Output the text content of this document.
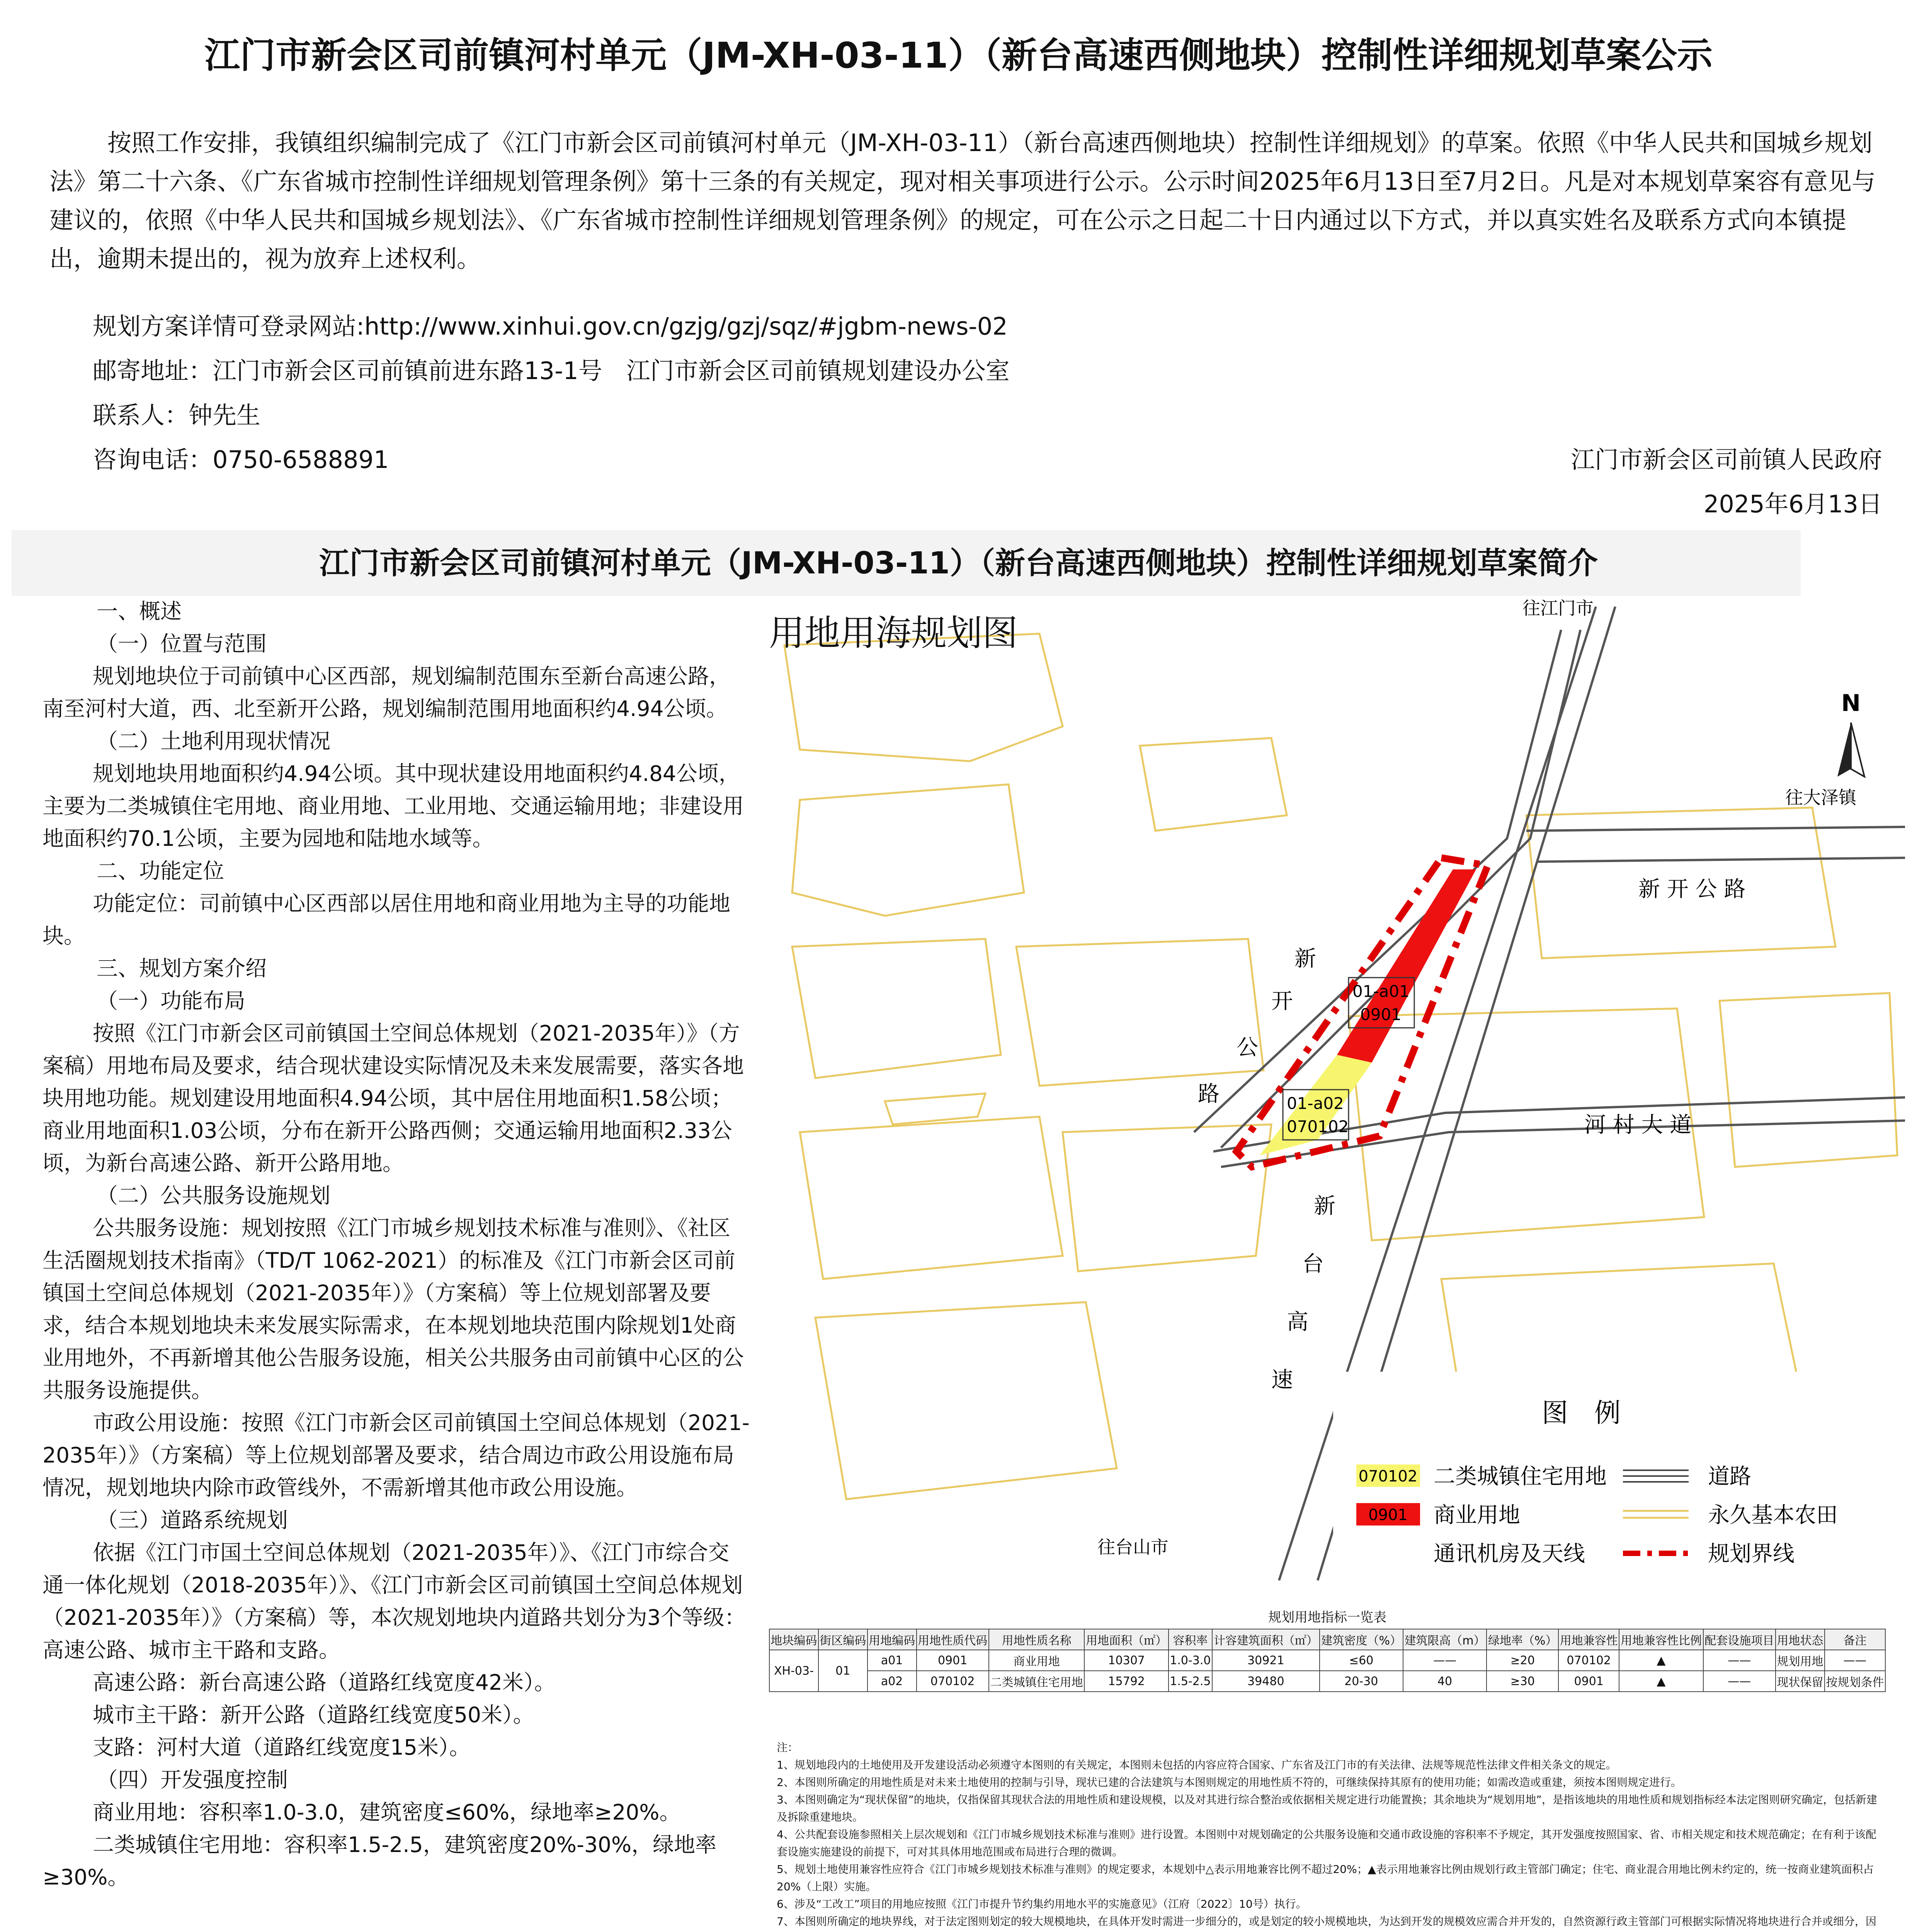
江门市新会区司前镇河村单元（JM-XH-03-11）（新台高速西侧地块）控制性详细规划草案公示
按照工作安排，我镇组织编制完成了《江门市新会区司前镇河村单元（JM-XH-03-11）（新台高速西侧地块）控制性详细规划》的草案。依照《中华人民共和国城乡规划法》第二十六条、《广东省城市控制性详细规划管理条例》第十三条的有关规定，现对相关事项进行公示。公示时间2025年6月13日至7月2日。凡是对本规划草案容有意见与建议的，依照《中华人民共和国城乡规划法》、《广东省城市控制性详细规划管理条例》的规定，可在公示之日起二十日内通过以下方式，并以真实姓名及联系方式向本镇提出，逾期未提出的，视为放弃上述权利。
规划方案详情可登录网站:http://www.xinhui.gov.cn/gzjg/gzj/sqz/#jgbm-news-02
邮寄地址：江门市新会区司前镇前进东路13-1号　江门市新会区司前镇规划建设办公室
联系人：钟先生
咨询电话：0750-6588891	江门市新会区司前镇人民政府
2025年6月13日
江门市新会区司前镇河村单元（JM-XH-03-11）（新台高速西侧地块）控制性详细规划草案简介

一、概述

（一）位置与范围

规划地块位于司前镇中心区西部，规划编制范围东至新台高速公路，南至河村大道，西、北至新开公路，规划编制范围用地面积约4.94公顷。

（二）土地利用现状情况

规划地块用地面积约4.94公顷。其中现状建设用地面积约4.84公顷，主要为二类城镇住宅用地、商业用地、工业用地、交通运输用地；非建设用地面积约70.1公顷，主要为园地和陆地水域等。

二、功能定位

功能定位：司前镇中心区西部以居住用地和商业用地为主导的功能地块。

三、规划方案介绍

（一）功能布局

按照《江门市新会区司前镇国土空间总体规划（2021-2035年）》（方案稿）用地布局及要求，结合现状建设实际情况及未来发展需要，落实各地块用地功能。规划建设用地面积4.94公顷，其中居住用地面积1.58公顷；商业用地面积1.03公顷，分布在新开公路西侧；交通运输用地面积2.33公顷，为新台高速公路、新开公路用地。

（二）公共服务设施规划

公共服务设施：规划按照《江门市城乡规划技术标准与准则》、《社区生活圈规划技术指南》（TD/T 1062-2021）的标准及《江门市新会区司前镇国土空间总体规划（2021-2035年）》（方案稿）等上位规划部署及要求，结合本规划地块未来发展实际需求，在本规划地块范围内除规划1处商业用地外，不再新增其他公告服务设施，相关公共服务由司前镇中心区的公共服务设施提供。

市政公用设施：按照《江门市新会区司前镇国土空间总体规划（2021-2035年）》（方案稿）等上位规划部署及要求，结合周边市政公用设施布局情况，规划地块内除市政管线外，不需新增其他市政公用设施。

（三）道路系统规划

依据《江门市国土空间总体规划（2021-2035年）》、《江门市综合交通一体化规划（2018-2035年）》、《江门市新会区司前镇国土空间总体规划（2021-2035年）》（方案稿）等，本次规划地块内道路共划分为3个等级：高速公路、城市主干路和支路。

高速公路：新台高速公路（道路红线宽度42米）。

城市主干路：新开公路（道路红线宽度50米）。

支路：河村大道（道路红线宽度15米）。

（四）开发强度控制

商业用地：容积率1.0-3.0，建筑密度≤60%，绿地率≥20%。

二类城镇住宅用地：容积率1.5-2.5，建筑密度20%-30%，绿地率≥30%。

N
往江门市
往大泽镇
新 开 公 路
新
开
公
路
河 村 大 道
新
台
高
速
往台山市
01-a01
0901
01-a02
070102
图　例
070102 二类城镇住宅用地
0901 商业用地
通讯机房及天线
道路
永久基本农田
规划界线
用地用海规划图
规划用地指标一览表
地块编码	街区编码	用地编码	用地性质代码	用地性质名称	用地面积（㎡）	容积率	计容建筑面积（㎡）	建筑密度（%）	建筑限高（m）	绿地率（%）	用地兼容性	用地兼容性比例	配套设施项目	用地状态	备注
XH-03-	01	a01	0901	商业用地	10307	1.0-3.0	30921	≤60	——	≥20	070102	▲	——	规划用地	——
		a02	070102	二类城镇住宅用地	15792	1.5-2.5	39480	20-30	40	≥30	0901	▲	——	现状保留	按规划条件

注：

1、规划地段内的土地使用及开发建设活动必须遵守本图则的有关规定，本图则未包括的内容应符合国家、广东省及江门市的有关法律、法规等规范性法律文件相关条文的规定。

2、本图则所确定的用地性质是对未来土地使用的控制与引导，现状已建的合法建筑与本图则规定的用地性质不符的，可继续保持其原有的使用功能；如需改造或重建，须按本图则规定进行。

3、本图则确定为“现状保留”的地块，仅指保留其现状合法的用地性质和建设规模，以及对其进行综合整治或依据相关规定进行功能置换；其余地块为“规划用地”，是指该地块的用地性质和规划指标经本法定图则研究确定，包括新建及拆除重建地块。

4、公共配套设施参照相关上层次规划和《江门市城乡规划技术标准与准则》进行设置。本图则中对规划确定的公共服务设施和交通市政设施的容积率不予规定，其开发强度按照国家、省、市相关规定和技术规范确定；在有利于该配套设施实施建设的前提下，可对其具体用地范围或布局进行合理的微调。

5、规划土地使用兼容性应符合《江门市城乡规划技术标准与准则》的规定要求，本规划中△表示用地兼容比例不超过20%；▲表示用地兼容比例由规划行政主管部门确定；住宅、商业混合用地比例未约定的，统一按商业建筑面积占20%（上限）实施。

6、涉及“工改工”项目的用地应按照《江门市提升节约集约用地水平的实施意见》（江府〔2022〕10号）执行。

7、本图则所确定的地块界线，对于法定图则划定的较大规模地块，在具体开发时需进一步细分的，或是划定的较小规模地块，为达到开发的规模效应需合并开发的，自然资源行政主管部门可根据实际情况将地块进行合并或细分，因
